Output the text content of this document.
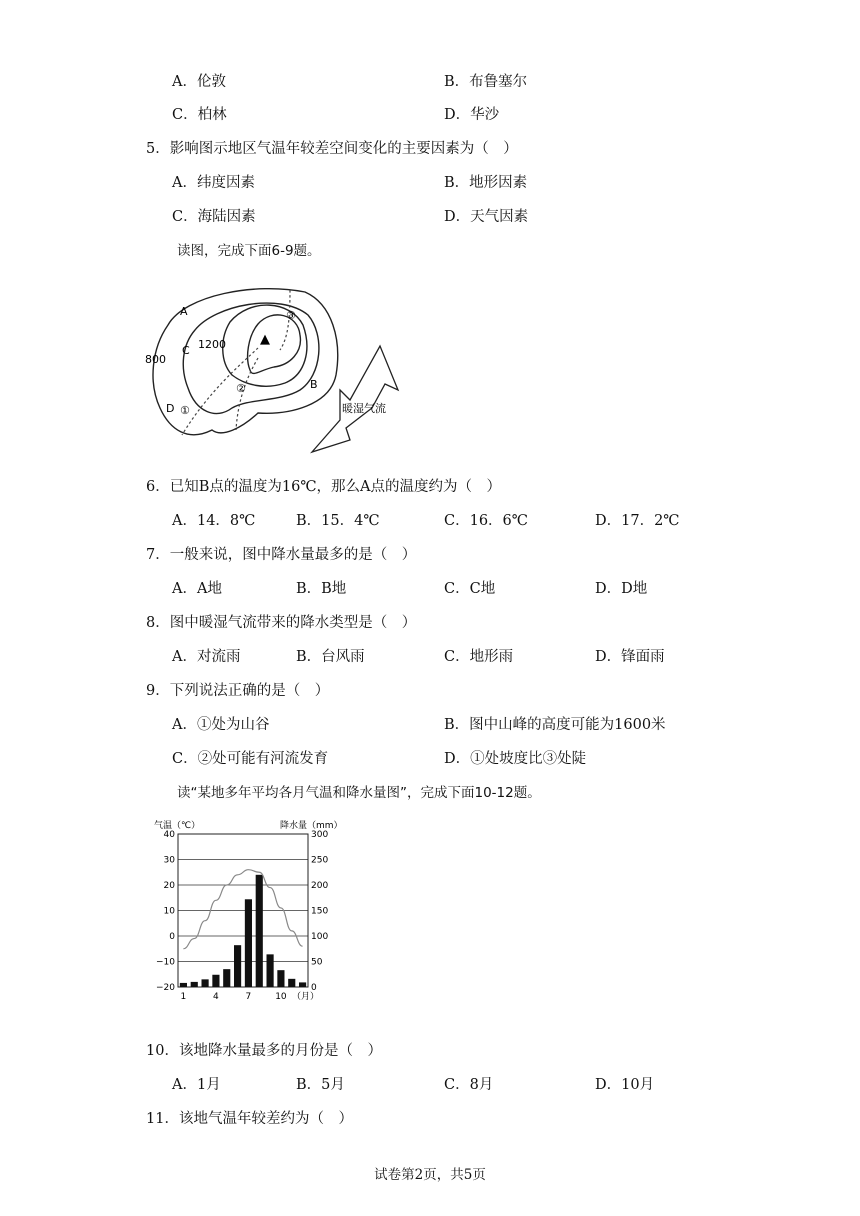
A．伦敦	B．布鲁塞尔
C．柏林	D．华沙
5．影响图示地区气温年较差空间变化的主要因素为（　）
A．纬度因素	B．地形因素
C．海陆因素	D．天气因素
读图，完成下面6-9题。
A
B
C
D
800
1200
①
②
③
▲
暖湿气流
6．已知B点的温度为16℃，那么A点的温度约为（　）
A．14．8℃	B．15．4℃	C．16．6℃	D．17．2℃
7．一般来说，图中降水量最多的是（　）
A．A地	B．B地	C．C地	D．D地
8．图中暖湿气流带来的降水类型是（　）
A．对流雨	B．台风雨	C．地形雨	D．锋面雨
9．下列说法正确的是（　）
A．①处为山谷	B．图中山峰的高度可能为1600米
C．②处可能有河流发育	D．①处坡度比③处陡
读“某地多年平均各月气温和降水量图”，完成下面10-12题。
气温（℃）	降水量（mm）
40
30
20
10
0
−10
−20
300
250
200
150
100
50
0
1	4	7	10 （月）
10．该地降水量最多的月份是（　）
A．1月	B．5月	C．8月	D．10月
11．该地气温年较差约为（　）
试卷第2页，共5页
